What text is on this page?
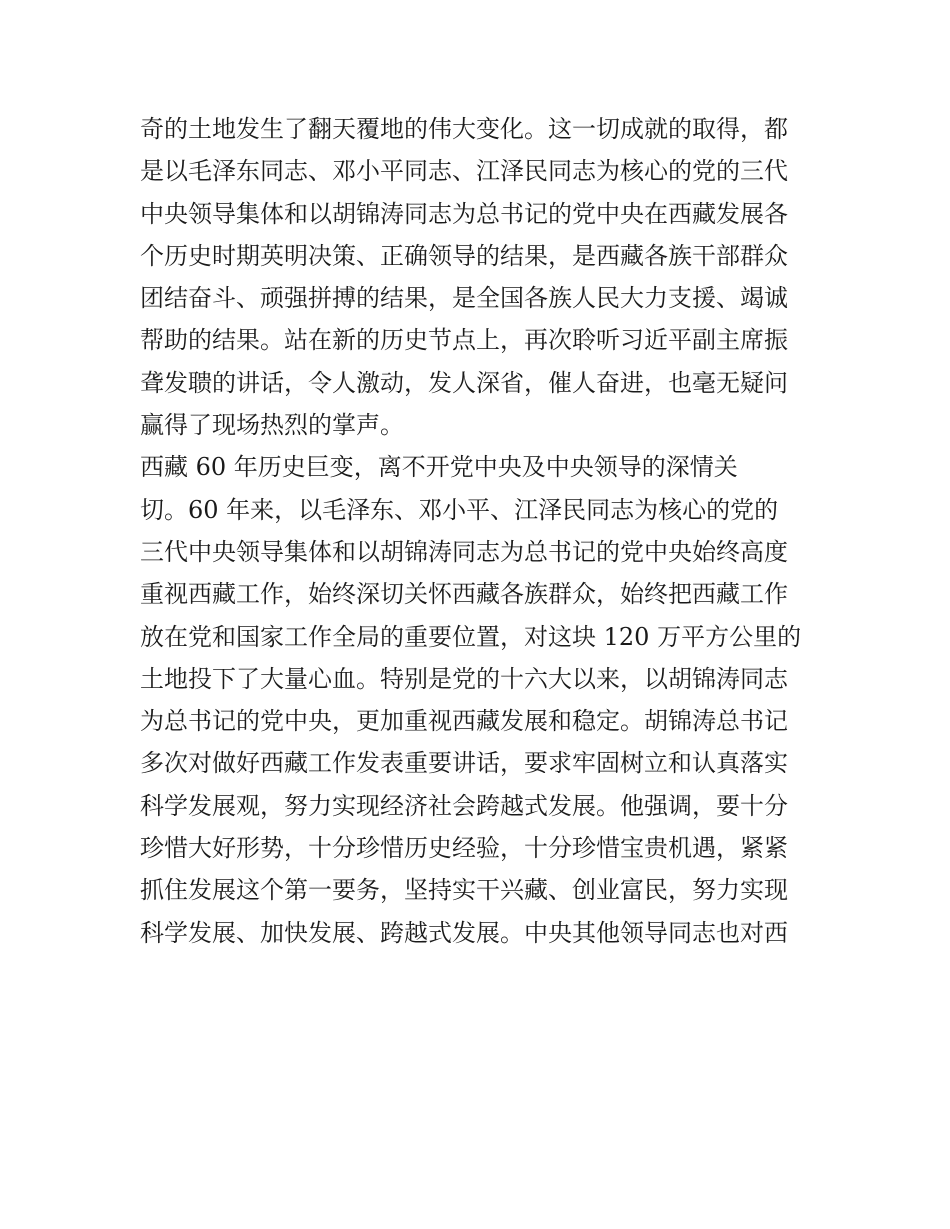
奇的土地发生了翻天覆地的伟大变化。这一切成就的取得，都
是以毛泽东同志、邓小平同志、江泽民同志为核心的党的三代
中央领导集体和以胡锦涛同志为总书记的党中央在西藏发展各
个历史时期英明决策、正确领导的结果，是西藏各族干部群众
团结奋斗、顽强拼搏的结果，是全国各族人民大力支援、竭诚
帮助的结果。站在新的历史节点上，再次聆听习近平副主席振
聋发聩的讲话，令人激动，发人深省，催人奋进，也毫无疑问
赢得了现场热烈的掌声。
西藏 60 年历史巨变，离不开党中央及中央领导的深情关
切。60 年来，以毛泽东、邓小平、江泽民同志为核心的党的
三代中央领导集体和以胡锦涛同志为总书记的党中央始终高度
重视西藏工作，始终深切关怀西藏各族群众，始终把西藏工作
放在党和国家工作全局的重要位置，对这块 120 万平方公里的
土地投下了大量心血。特别是党的十六大以来，以胡锦涛同志
为总书记的党中央，更加重视西藏发展和稳定。胡锦涛总书记
多次对做好西藏工作发表重要讲话，要求牢固树立和认真落实
科学发展观，努力实现经济社会跨越式发展。他强调，要十分
珍惜大好形势，十分珍惜历史经验，十分珍惜宝贵机遇，紧紧
抓住发展这个第一要务，坚持实干兴藏、创业富民，努力实现
科学发展、加快发展、跨越式发展。中央其他领导同志也对西
